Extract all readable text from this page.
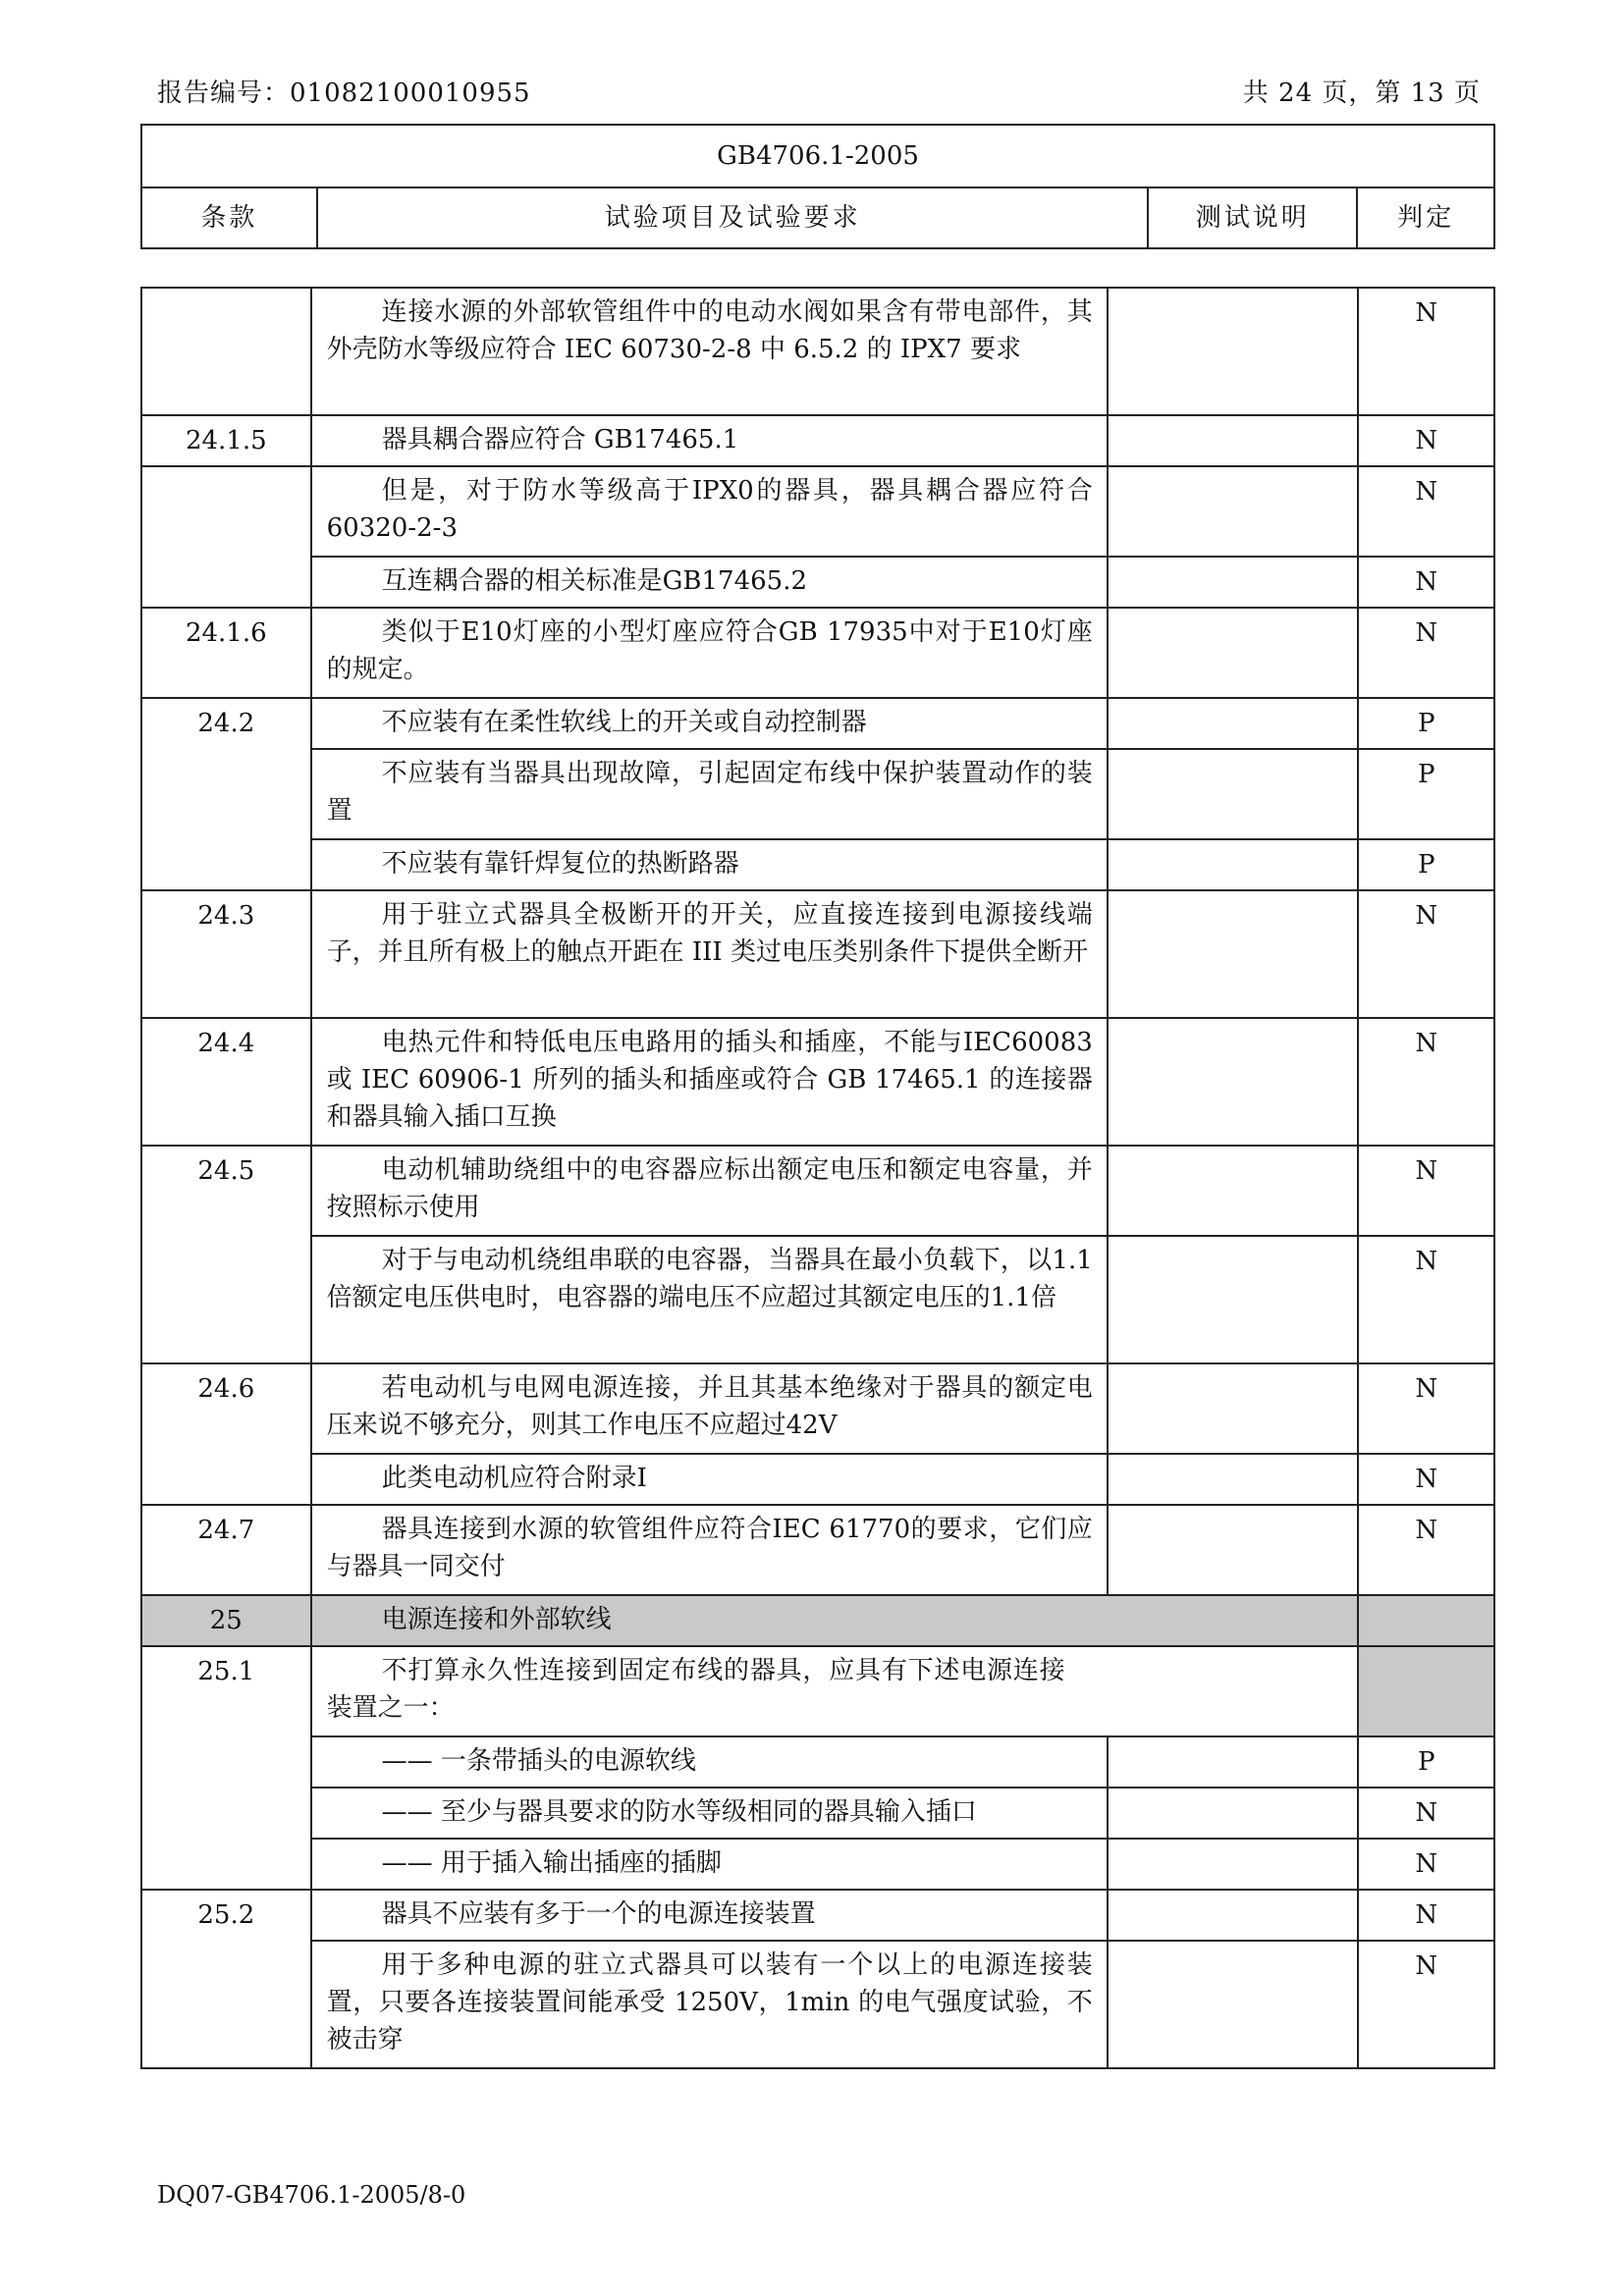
报告编号：01082100010955	共 24 页，第 13 页
GB4706.1-2005
条款	试验项目及试验要求	测试说明	判定

	连接水源的外部软管组件中的电动水阀如果含有带电部件，其外壳防水等级应符合 IEC 60730-2-8 中 6.5.2 的 IPX7 要求		N
24.1.5	器具耦合器应符合 GB17465.1		N

	但是，对于防水等级高于IPX0的器具，器具耦合器应符合60320-2-3		N

	互连耦合器的相关标准是GB17465.2		N
24.1.6	类似于E10灯座的小型灯座应符合GB 17935中对于E10灯座的规定。		N
24.2	不应装有在柔性软线上的开关或自动控制器		P

	不应装有当器具出现故障，引起固定布线中保护装置动作的装置		P

	不应装有靠钎焊复位的热断路器		P
24.3	用于驻立式器具全极断开的开关，应直接连接到电源接线端子，并且所有极上的触点开距在 III 类过电压类别条件下提供全断开		N
24.4	电热元件和特低电压电路用的插头和插座，不能与IEC60083 或 IEC 60906-1 所列的插头和插座或符合 GB 17465.1 的连接器和器具输入插口互换		N
24.5	电动机辅助绕组中的电容器应标出额定电压和额定电容量，并按照标示使用		N

	对于与电动机绕组串联的电容器，当器具在最小负载下，以1.1倍额定电压供电时，电容器的端电压不应超过其额定电压的1.1倍		N
24.6	若电动机与电网电源连接，并且其基本绝缘对于器具的额定电压来说不够充分，则其工作电压不应超过42V		N

	此类电动机应符合附录I		N
24.7	器具连接到水源的软管组件应符合IEC 61770的要求，它们应与器具一同交付		N
25	电源连接和外部软线		

25.1	不打算永久性连接到固定布线的器具，应具有下述电源连接装置之一：		

	—— 一条带插头的电源软线		P

	—— 至少与器具要求的防水等级相同的器具输入插口		N

	—— 用于插入输出插座的插脚		N
25.2	器具不应装有多于一个的电源连接装置		N

	用于多种电源的驻立式器具可以装有一个以上的电源连接装置，只要各连接装置间能承受 1250V，1min 的电气强度试验，不被击穿		N
DQ07-GB4706.1-2005/8-0
